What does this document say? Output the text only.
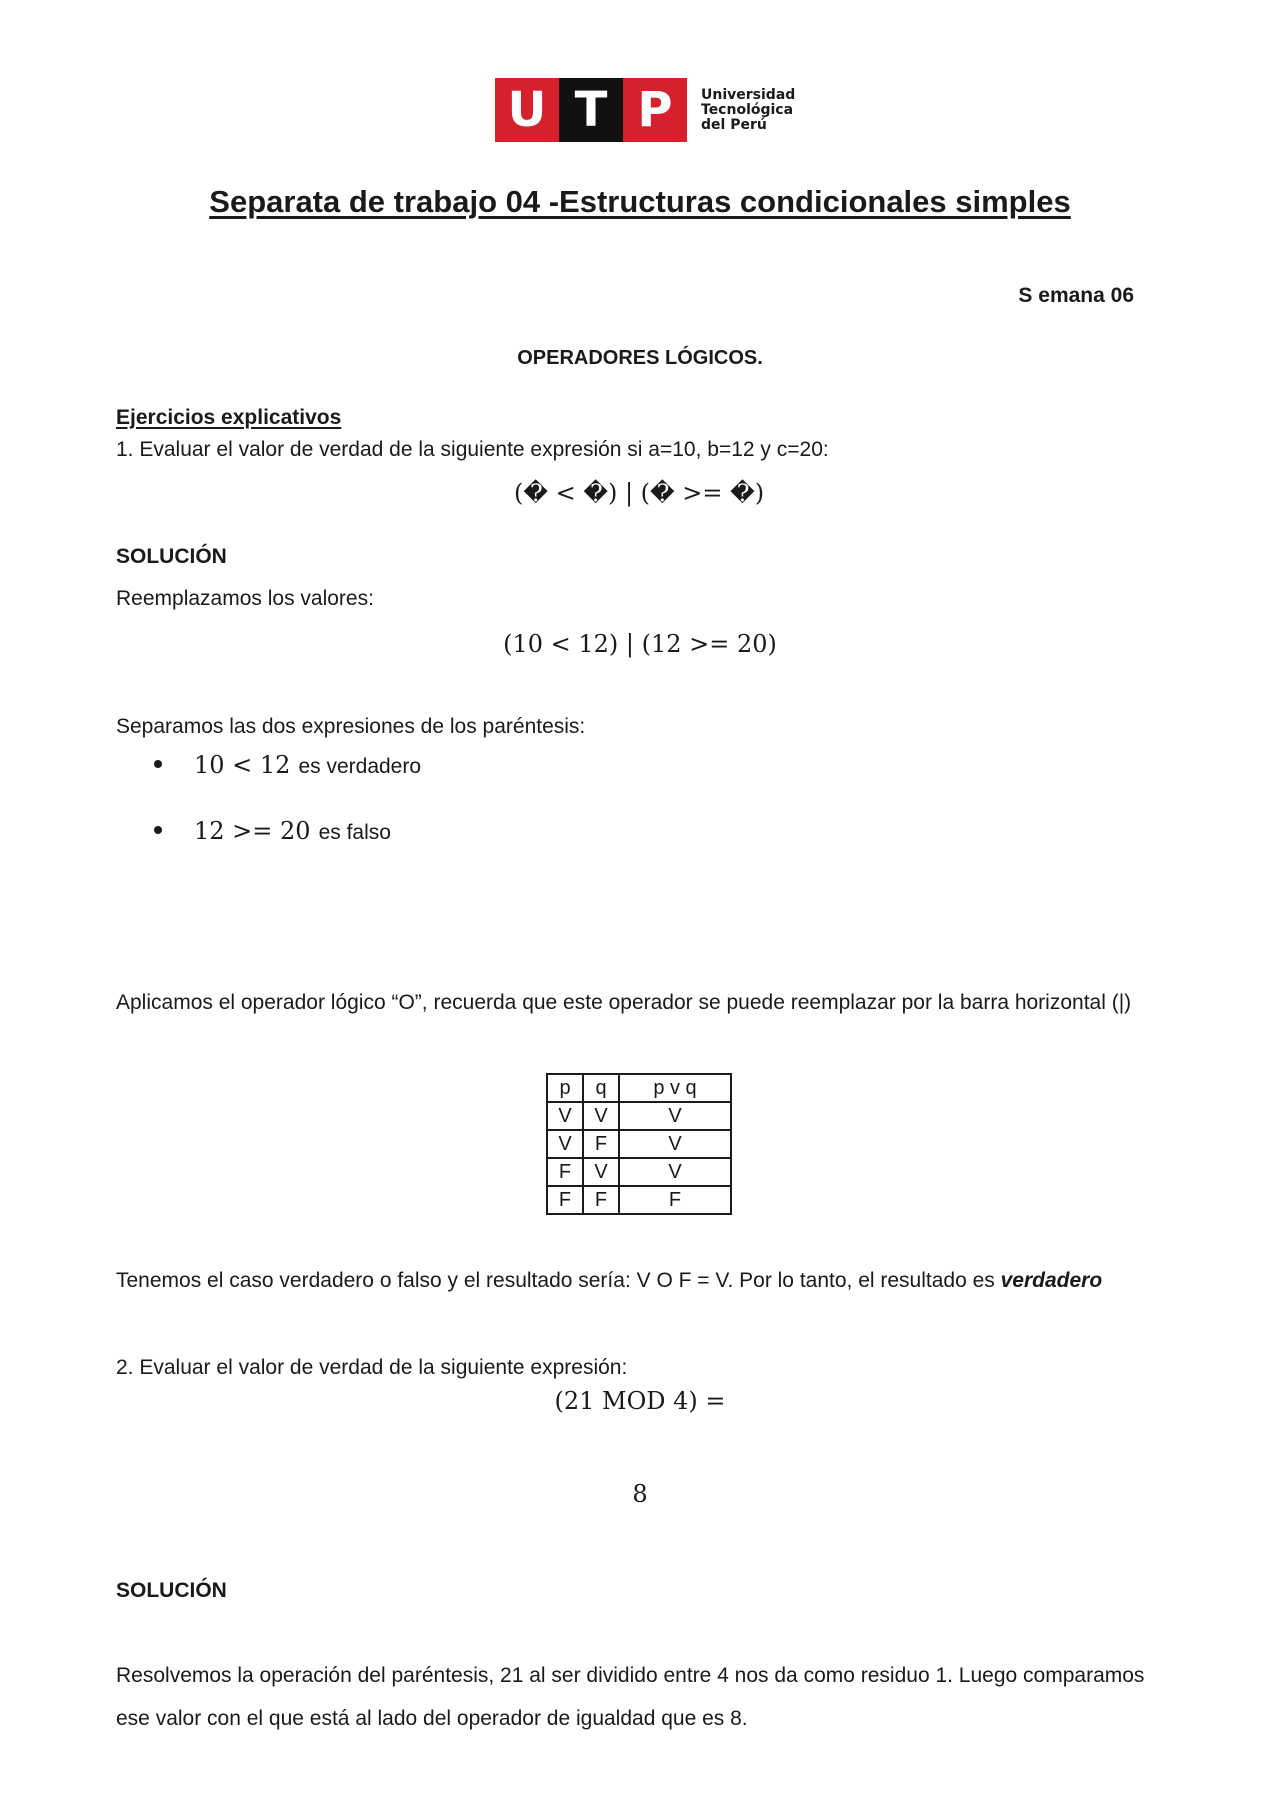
U T P	Universidad
Tecnológica
del Perú
Separata de trabajo 04 -Estructuras condicionales simples
S emana 06
OPERADORES LÓGICOS.
Ejercicios explicativos
1. Evaluar el valor de verdad de la siguiente expresión si a=10, b=12 y c=20:
(� < �) | (� >= �)
SOLUCIÓN
Reemplazamos los valores:
(10 < 12) | (12 >= 20)
Separamos las dos expresiones de los paréntesis:
10 < 12 es verdadero
12 >= 20 es falso
Aplicamos el operador lógico “O”, recuerda que este operador se puede reemplazar por la barra horizontal (|)
p	q	p v q
V	V	V
V	F	V
F	V	V
F	F	F
Tenemos el caso verdadero o falso y el resultado sería: V O F = V. Por lo tanto, el resultado es verdadero
2. Evaluar el valor de verdad de la siguiente expresión:
(21 MOD 4) =
8
SOLUCIÓN
Resolvemos la operación del paréntesis, 21 al ser dividido entre 4 nos da como residuo 1. Luego comparamos
ese valor con el que está al lado del operador de igualdad que es 8.
